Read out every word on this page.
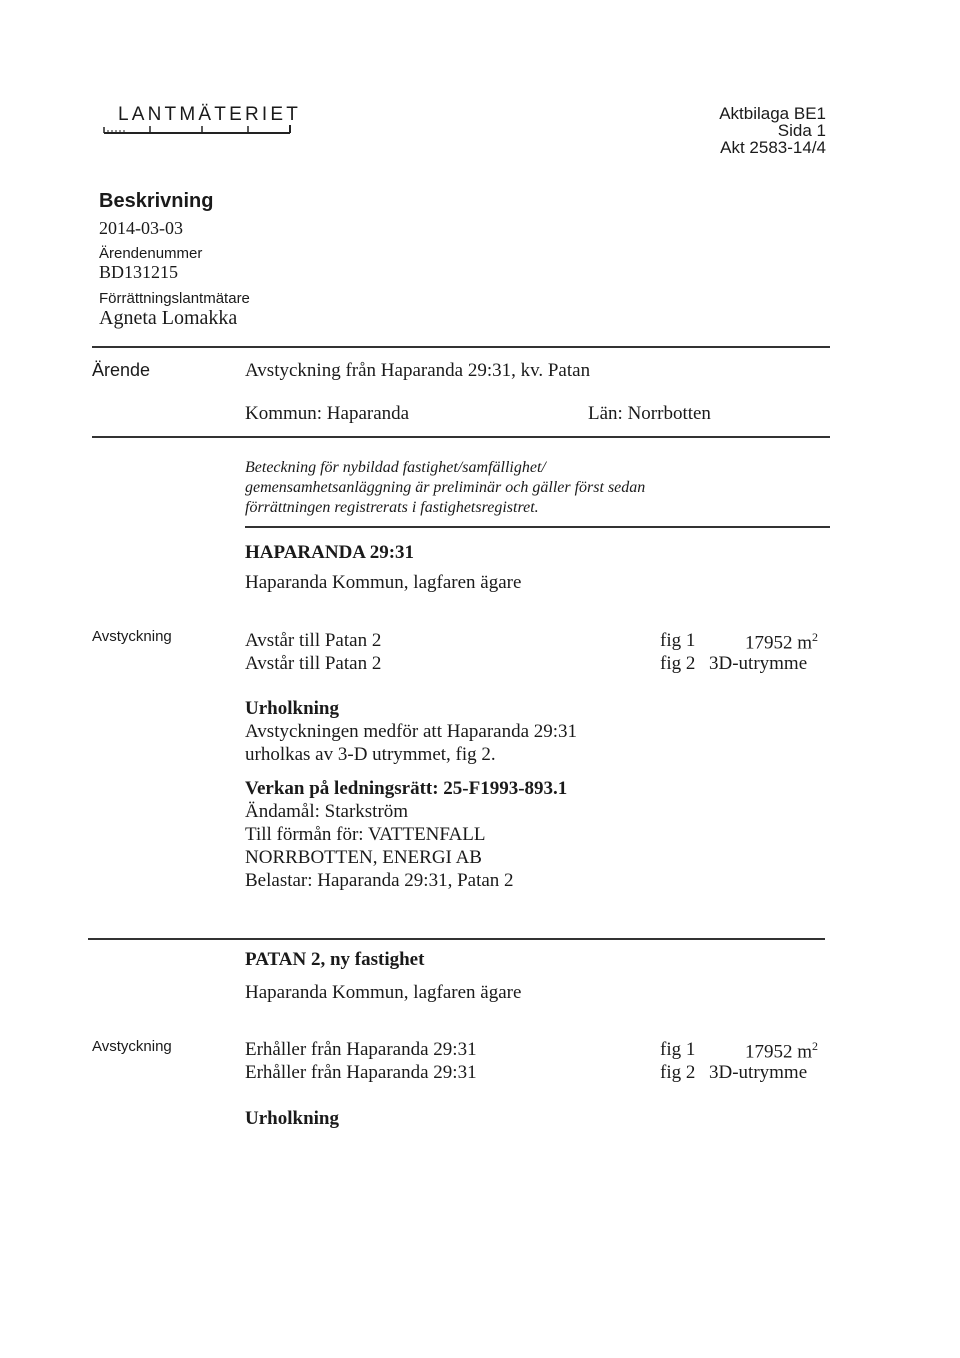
LANTMÄTERIET	Aktbilaga BE1
Sida 1
Akt 2583-14/4
Beskrivning
2014-03-03
Ärendenummer
BD131215
Förrättningslantmätare
Agneta Lomakka
Ärende	Avstyckning från Haparanda 29:31, kv. Patan
Kommun: Haparanda	Län: Norrbotten
Beteckning för nybildad fastighet/samfällighet/ gemensamhetsanläggning är preliminär och gäller först sedan förrättningen registrerats i fastighetsregistret.
HAPARANDA 29:31
Haparanda Kommun, lagfaren ägare
Avstyckning	Avstår till Patan 2	fig 1	17952 $m^2$
Avstår till Patan 2	fig 2 3D-utrymme
Urholkning
Avstyckningen medför att Haparanda 29:31
urholkas av 3-D utrymmet, fig 2.
Verkan på ledningsrätt: 25-F1993-893.1
Ändamål: Starkström
Till förmån för: VATTENFALL
NORRBOTTEN, ENERGI AB
Belastar: Haparanda 29:31, Patan 2
PATAN 2, ny fastighet
Haparanda Kommun, lagfaren ägare
Avstyckning	Erhåller från Haparanda 29:31	fig 1	17952 $m^2$
Erhåller från Haparanda 29:31	fig 2 3D-utrymme
Urholkning
